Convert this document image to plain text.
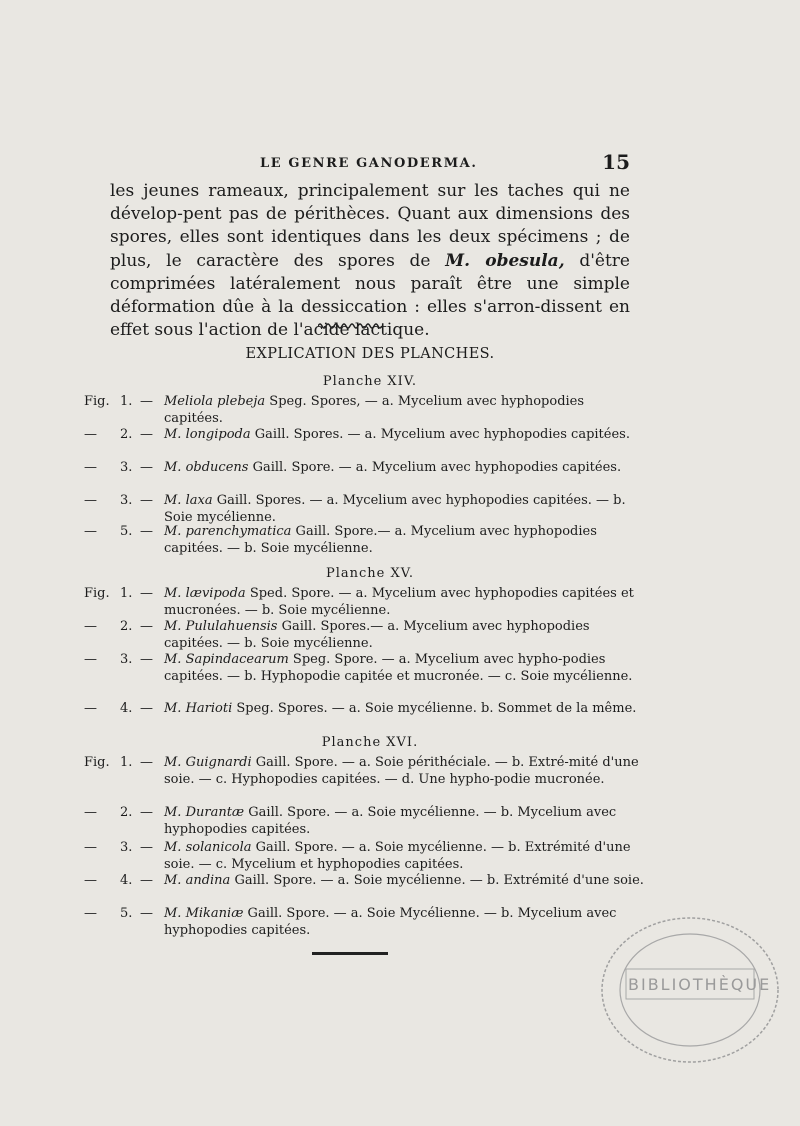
LE GENRE GANODERMA.	15

les jeunes rameaux, principalement sur les taches qui ne dévelop-pent pas de périthèces. Quant aux dimensions des spores, elles sont identiques dans les deux spécimens ; de plus, le caractère des spores de M. obesula, d'être comprimées latéralement nous paraît être une simple déformation dûe à la dessiccation : elles s'arron-dissent en effet sous l'action de l'acide lactique.

EXPLICATION DES PLANCHES.
Planche XIV.
Fig. 1. — Meliola plebeja Speg. Spores, — a. Mycelium avec hyphopodies capitées.
—	2. — M. longipoda Gaill. Spores. — a. Mycelium avec hyphopodies capitées.
—	3. — M. obducens Gaill. Spore. — a. Mycelium avec hyphopodies capitées.
—	3. — M. laxa Gaill. Spores. — a. Mycelium avec hyphopodies capitées. — b. Soie mycélienne.
—	5. — M. parenchymatica Gaill. Spore.— a. Mycelium avec hyphopodies capitées. — b. Soie mycélienne.
Planche XV.
Fig. 1. — M. lævipoda Sped. Spore. — a. Mycelium avec hyphopodies capitées et mucronées. — b. Soie mycélienne.
—	2. — M. Pululahuensis Gaill. Spores.— a. Mycelium avec hyphopodies capitées. — b. Soie mycélienne.
—	3. — M. Sapindacearum Speg. Spore. — a. Mycelium avec hypho-podies capitées. — b. Hyphopodie capitée et mucronée. — c. Soie mycélienne.
—	4. — M. Harioti Speg. Spores. — a. Soie mycélienne. b. Sommet de la même.
Planche XVI.
Fig. 1. — M. Guignardi Gaill. Spore. — a. Soie périthéciale. — b. Extré-mité d'une soie. — c. Hyphopodies capitées. — d. Une hypho-podie mucronée.
—	2. — M. Durantæ Gaill. Spore. — a. Soie mycélienne. — b. Mycelium avec hyphopodies capitées.
—	3. — M. solanicola Gaill. Spore. — a. Soie mycélienne. — b. Extrémité d'une soie. — c. Mycelium et hyphopodies capitées.
—	4. — M. andina Gaill. Spore. — a. Soie mycélienne. — b. Extrémité d'une soie.
—	5. — M. Mikaniæ Gaill. Spore. — a. Soie Mycélienne. — b. Mycelium avec hyphopodies capitées.
BIBLIOTHÈQUE
